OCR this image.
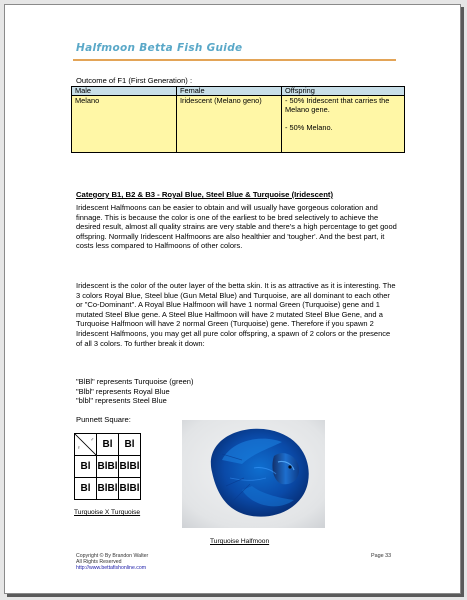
Halfmoon Betta Fish Guide
Outcome of F1 (First Generation) :
Male	Female	Offspring
Melano	Iridescent (Melano geno)	- 50% Iridescent that carries the Melano gene.
- 50% Melano.
Category B1, B2 & B3 - Royal Blue, Steel Blue & Turquoise (Iridescent)
Iridescent Halfmoons can be easier to obtain and will usually have gorgeous coloration and finnage. This is because the color is one of the earliest to be bred selectively to achieve the desired result, almost all quality strains are very stable and there's a high percentage to get good offspring. Normally Iridescent Halfmoons are also healthier and 'tougher'. And the best part, it costs less compared to Halfmoons of other colors.
Iridescent is the color of the outer layer of the betta skin. It is as attractive as it is interesting. The 3 colors Royal Blue, Steel blue (Gun Metal Blue) and Turquoise, are all dominant to each other or "Co-Dominant". A Royal Blue Halfmoon will have 1 normal Green (Turquoise) gene and 1 mutated Steel Blue gene. A Steel Blue Halfmoon will have 2 mutated Steel Blue Gene, and a Turquoise Halfmoon will have 2 normal Green (Turquoise) gene. Therefore if you spawn 2 Iridescent Halfmoons, you may get all pure color offspring, a spawn of 2 colors or the presence of all 3 colors. To further break it down:
"BlBl" represents Turquoise (green)
"Blbl" represents Royal Blue
"blbl" represents Steel Blue
Punnett Square:
♂
♀	Bl	Bl
Bl	BlBl	BlBl
Bl	BlBl	BlBl
Turquoise X Turquoise
Turquoise Halfmoon
Copyright © By Brandon Walter
All Rights Reserved
http://www.bettafishonline.com
Page 33
